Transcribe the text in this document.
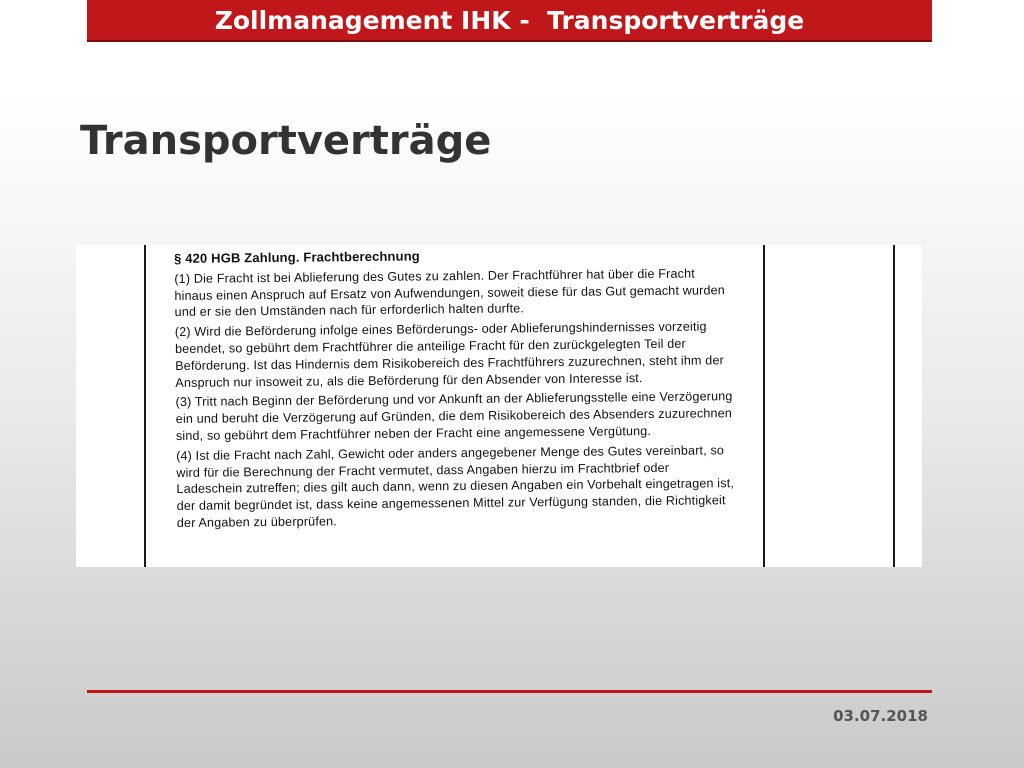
Zollmanagement IHK -  Transportverträge
Transportverträge
§ 420 HGB Zahlung. Frachtberechnung

(1) Die Fracht ist bei Ablieferung des Gutes zu zahlen. Der Frachtführer hat über die Fracht hinaus einen Anspruch auf Ersatz von Aufwendungen, soweit diese für das Gut gemacht wurden und er sie den Umständen nach für erforderlich halten durfte.

(2) Wird die Beförderung infolge eines Beförderungs- oder Ablieferungshindernisses vorzeitig beendet, so gebührt dem Frachtführer die anteilige Fracht für den zurückgelegten Teil der Beförderung. Ist das Hindernis dem Risikobereich des Frachtführers zuzurechnen, steht ihm der Anspruch nur insoweit zu, als die Beförderung für den Absender von Interesse ist.

(3) Tritt nach Beginn der Beförderung und vor Ankunft an der Ablieferungsstelle eine Verzögerung ein und beruht die Verzögerung auf Gründen, die dem Risikobereich des Absenders zuzurechnen sind, so gebührt dem Frachtführer neben der Fracht eine angemessene Vergütung.

(4) Ist die Fracht nach Zahl, Gewicht oder anders angegebener Menge des Gutes vereinbart, so wird für die Berechnung der Fracht vermutet, dass Angaben hierzu im Frachtbrief oder Ladeschein zutreffen; dies gilt auch dann, wenn zu diesen Angaben ein Vorbehalt eingetragen ist, der damit begründet ist, dass keine angemessenen Mittel zur Verfügung standen, die Richtigkeit der Angaben zu überprüfen.

03.07.2018
